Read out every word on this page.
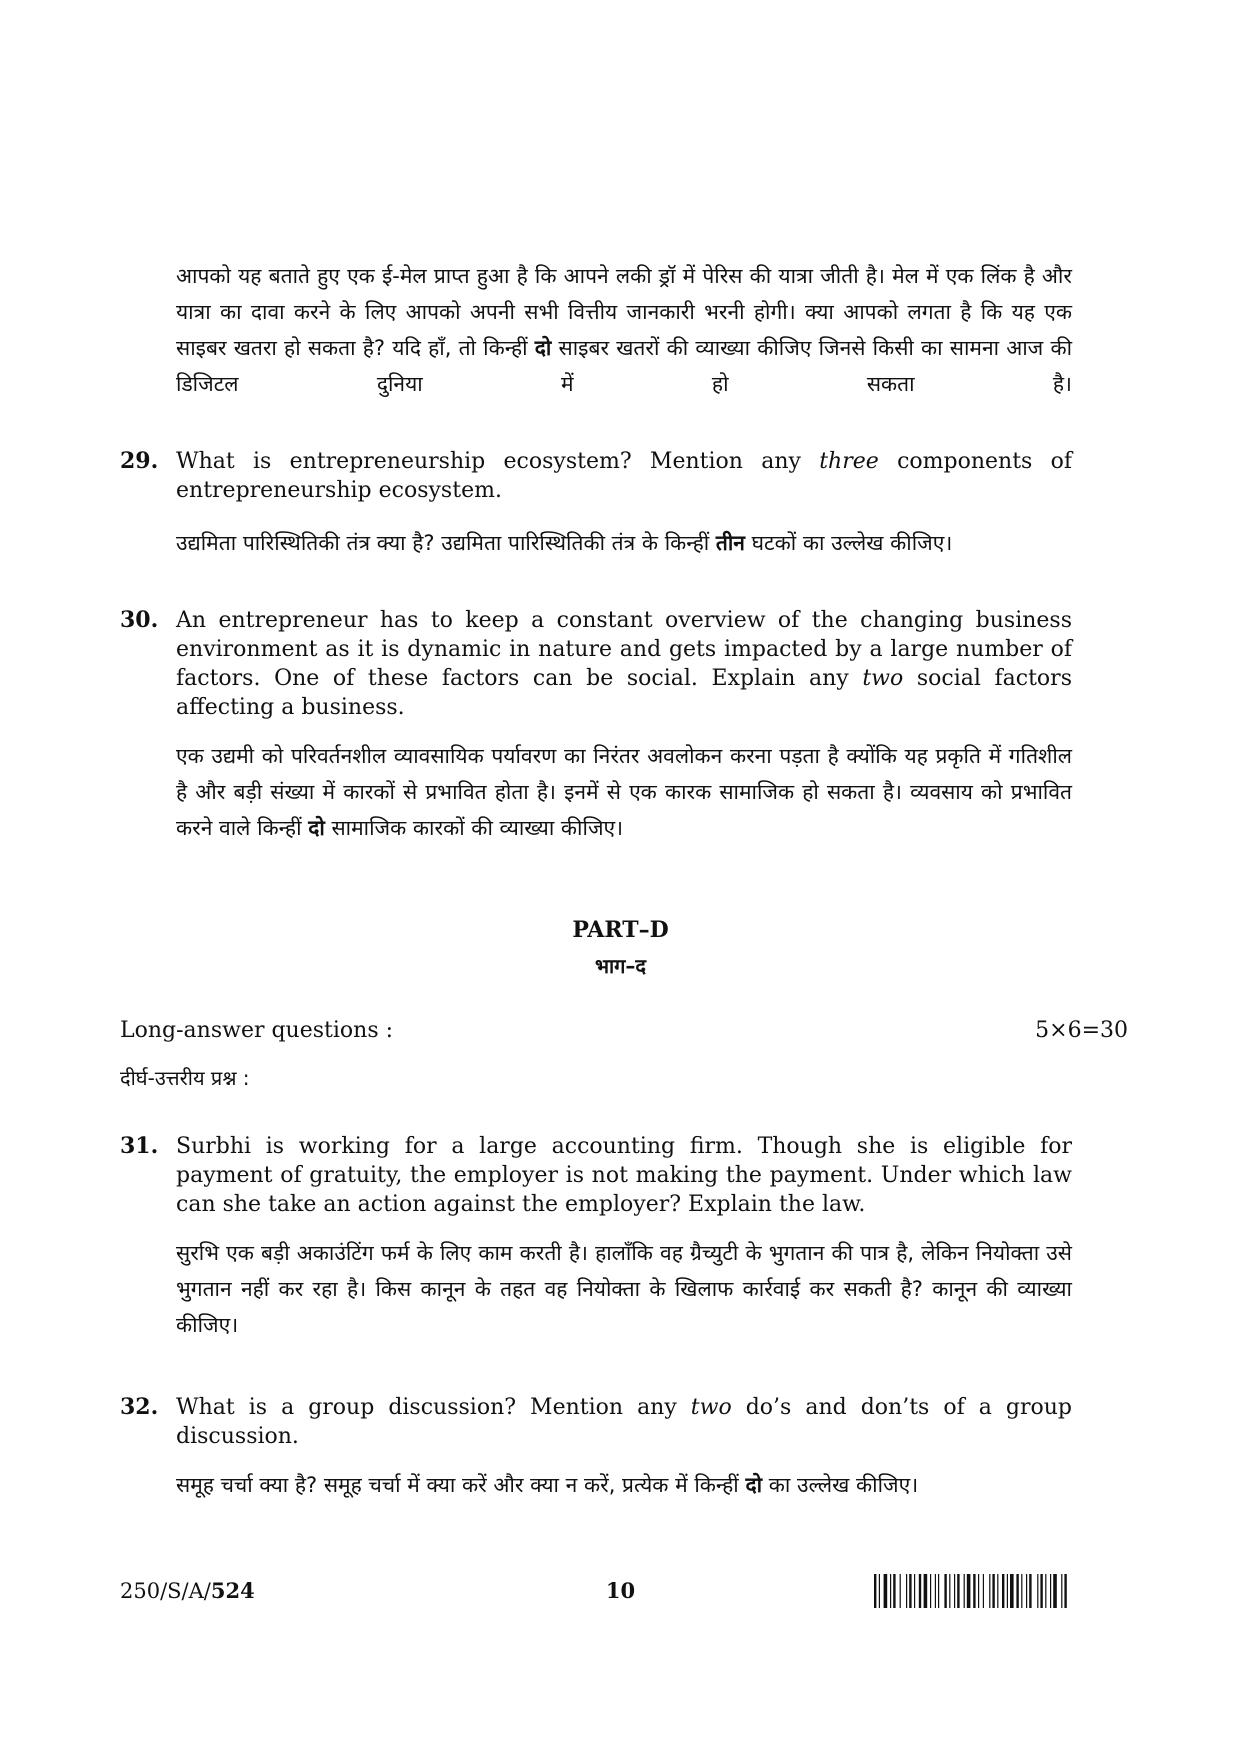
आपको यह बताते हुए एक ई-मेल प्राप्त हुआ है कि आपने लकी ड्रॉ में पेरिस की यात्रा जीती है। मेल में एक लिंक है और यात्रा का दावा करने के लिए आपको अपनी सभी वित्तीय जानकारी भरनी होगी। क्या आपको लगता है कि यह एक साइबर खतरा हो सकता है? यदि हाँ, तो किन्हीं दो साइबर खतरों की व्याख्या कीजिए जिनसे किसी का सामना आज की डिजिटल दुनिया में हो सकता है।
29. What is entrepreneurship ecosystem? Mention any three components of entrepreneurship ecosystem.
उद्यमिता पारिस्थितिकी तंत्र क्या है? उद्यमिता पारिस्थितिकी तंत्र के किन्हीं तीन घटकों का उल्लेख कीजिए।
30. An entrepreneur has to keep a constant overview of the changing business environment as it is dynamic in nature and gets impacted by a large number of factors. One of these factors can be social. Explain any two social factors affecting a business.
एक उद्यमी को परिवर्तनशील व्यावसायिक पर्यावरण का निरंतर अवलोकन करना पड़ता है क्योंकि यह प्रकृति में गतिशील है और बड़ी संख्या में कारकों से प्रभावित होता है। इनमें से एक कारक सामाजिक हो सकता है। व्यवसाय को प्रभावित करने वाले किन्हीं दो सामाजिक कारकों की व्याख्या कीजिए।
PART–D
भाग–द
Long-answer questions :	5×6=30
दीर्घ-उत्तरीय प्रश्न :
31. Surbhi is working for a large accounting firm. Though she is eligible for payment of gratuity, the employer is not making the payment. Under which law can she take an action against the employer? Explain the law.
सुरभि एक बड़ी अकाउंटिंग फर्म के लिए काम करती है। हालाँकि वह ग्रैच्युटी के भुगतान की पात्र है, लेकिन नियोक्ता उसे भुगतान नहीं कर रहा है। किस कानून के तहत वह नियोक्ता के खिलाफ कार्रवाई कर सकती है? कानून की व्याख्या कीजिए।
32. What is a group discussion? Mention any two do’s and don’ts of a group discussion.
समूह चर्चा क्या है? समूह चर्चा में क्या करें और क्या न करें, प्रत्येक में किन्हीं दो का उल्लेख कीजिए।
250/S/A/524	10
